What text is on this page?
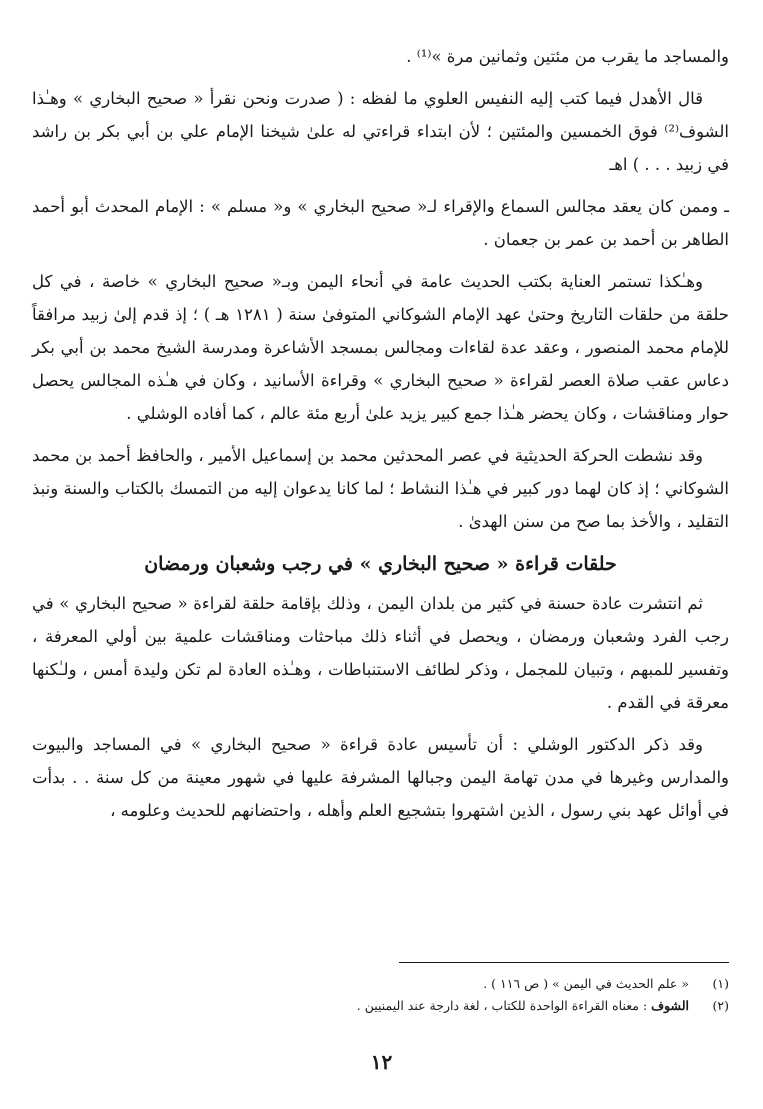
والمساجد ما يقرب من مئتين وثمانين مرة »⁽¹⁾ .

قال الأهدل فيما كتب إليه النفيس العلوي ما لفظه : ( صدرت ونحن نقرأ « صحيح البخاري » وهـٰذا الشوف⁽²⁾ فوق الخمسين والمئتين ؛ لأن ابتداء قراءتي له علىٰ شيخنا الإمام علي بن أبي بكر بن راشد في زبيد . . . ) اهـ

ـ وممن كان يعقد مجالس السماع والإقراء لـ« صحيح البخاري » و« مسلم » : الإمام المحدث أبو أحمد الطاهر بن أحمد بن عمر بن جعمان .

وهـٰكذا تستمر العناية بكتب الحديث عامة في أنحاء اليمن وبـ« صحيح البخاري » خاصة ، في كل حلقة من حلقات التاريخ وحتىٰ عهد الإمام الشوكاني المتوفىٰ سنة ( ١٢٨١ هـ ) ؛ إذ قدم إلىٰ زبيد مرافقاً للإمام محمد المنصور ، وعقد عدة لقاءات ومجالس بمسجد الأشاعرة ومدرسة الشيخ محمد بن أبي بكر دعاس عقب صلاة العصر لقراءة « صحيح البخاري » وقراءة الأسانيد ، وكان في هـٰذه المجالس يحصل حوار ومناقشات ، وكان يحضر هـٰذا جمع كبير يزيد علىٰ أربع مئة عالم ، كما أفاده الوشلي .

وقد نشطت الحركة الحديثية في عصر المحدثين محمد بن إسماعيل الأمير ، والحافظ أحمد بن محمد الشوكاني ؛ إذ كان لهما دور كبير في هـٰذا النشاط ؛ لما كانا يدعوان إليه من التمسك بالكتاب والسنة ونبذ التقليد ، والأخذ بما صح من سنن الهدىٰ .

حلقات قراءة « صحيح البخاري » في رجب وشعبان ورمضان

ثم انتشرت عادة حسنة في كثير من بلدان اليمن ، وذلك بإقامة حلقة لقراءة « صحيح البخاري » في رجب الفرد وشعبان ورمضان ، ويحصل في أثناء ذلك مباحثات ومناقشات علمية بين أولي المعرفة ، وتفسير للمبهم ، وتبيان للمجمل ، وذكر لطائف الاستنباطات ، وهـٰذه العادة لم تكن وليدة أمس ، ولـٰكنها معرقة في القدم .

وقد ذكر الدكتور الوشلي : أن تأسيس عادة قراءة « صحيح البخاري » في المساجد والبيوت والمدارس وغيرها في مدن تهامة اليمن وجبالها المشرفة عليها في شهور معينة من كل سنة . . بدأت في أوائل عهد بني رسول ، الذين اشتهروا بتشجيع العلم وأهله ، واحتضانهم للحديث وعلومه ،

(١)
« علم الحديث في اليمن » ( ص ١١٦ ) .
(٢)
الشوف : معناه القراءة الواحدة للكتاب ، لغة دارجة عند اليمنيين .
١٢
